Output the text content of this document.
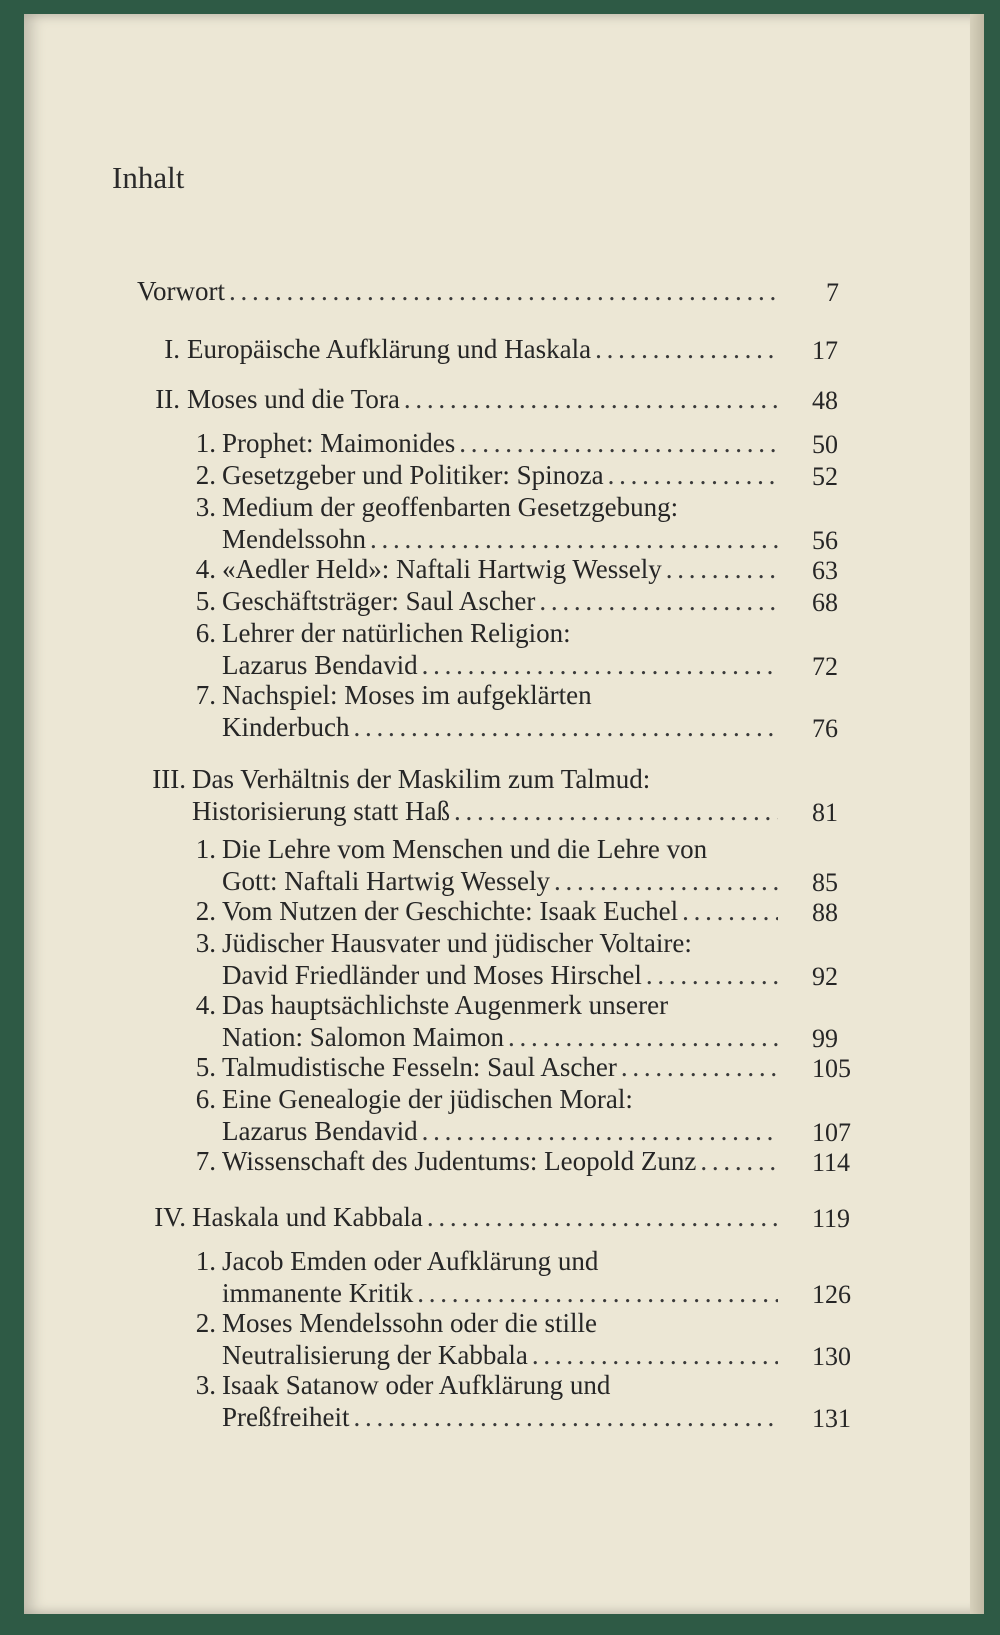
Inhalt
Vorwort . . .	7
I. Europäische Aufklärung und Haskala . . .	17
II. Moses und die Tora . . .	48
1. Prophet: Maimonides . . .	50
2. Gesetzgeber und Politiker: Spinoza . . .	52
3. Medium der geoffenbarten Gesetzgebung:
Mendelssohn . . .	56
4. «Aedler Held»: Naftali Hartwig Wessely . . .	63
5. Geschäftsträger: Saul Ascher . . .	68
6. Lehrer der natürlichen Religion:
Lazarus Bendavid . . .	72
7. Nachspiel: Moses im aufgeklärten
Kinderbuch . . .	76
III. Das Verhältnis der Maskilim zum Talmud:
Historisierung statt Haß . . .	81
1. Die Lehre vom Menschen und die Lehre von
Gott: Naftali Hartwig Wessely . . .	85
2. Vom Nutzen der Geschichte: Isaak Euchel . . .	88
3. Jüdischer Hausvater und jüdischer Voltaire:
David Friedländer und Moses Hirschel . . .	92
4. Das hauptsächlichste Augenmerk unserer
Nation: Salomon Maimon . . .	99
5. Talmudistische Fesseln: Saul Ascher . . .	105
6. Eine Genealogie der jüdischen Moral:
Lazarus Bendavid . . .	107
7. Wissenschaft des Judentums: Leopold Zunz . . .	114
IV. Haskala und Kabbala . . .	119
1. Jacob Emden oder Aufklärung und
immanente Kritik . . .	126
2. Moses Mendelssohn oder die stille
Neutralisierung der Kabbala . . .	130
3. Isaak Satanow oder Aufklärung und
Preßfreiheit . . .	131
